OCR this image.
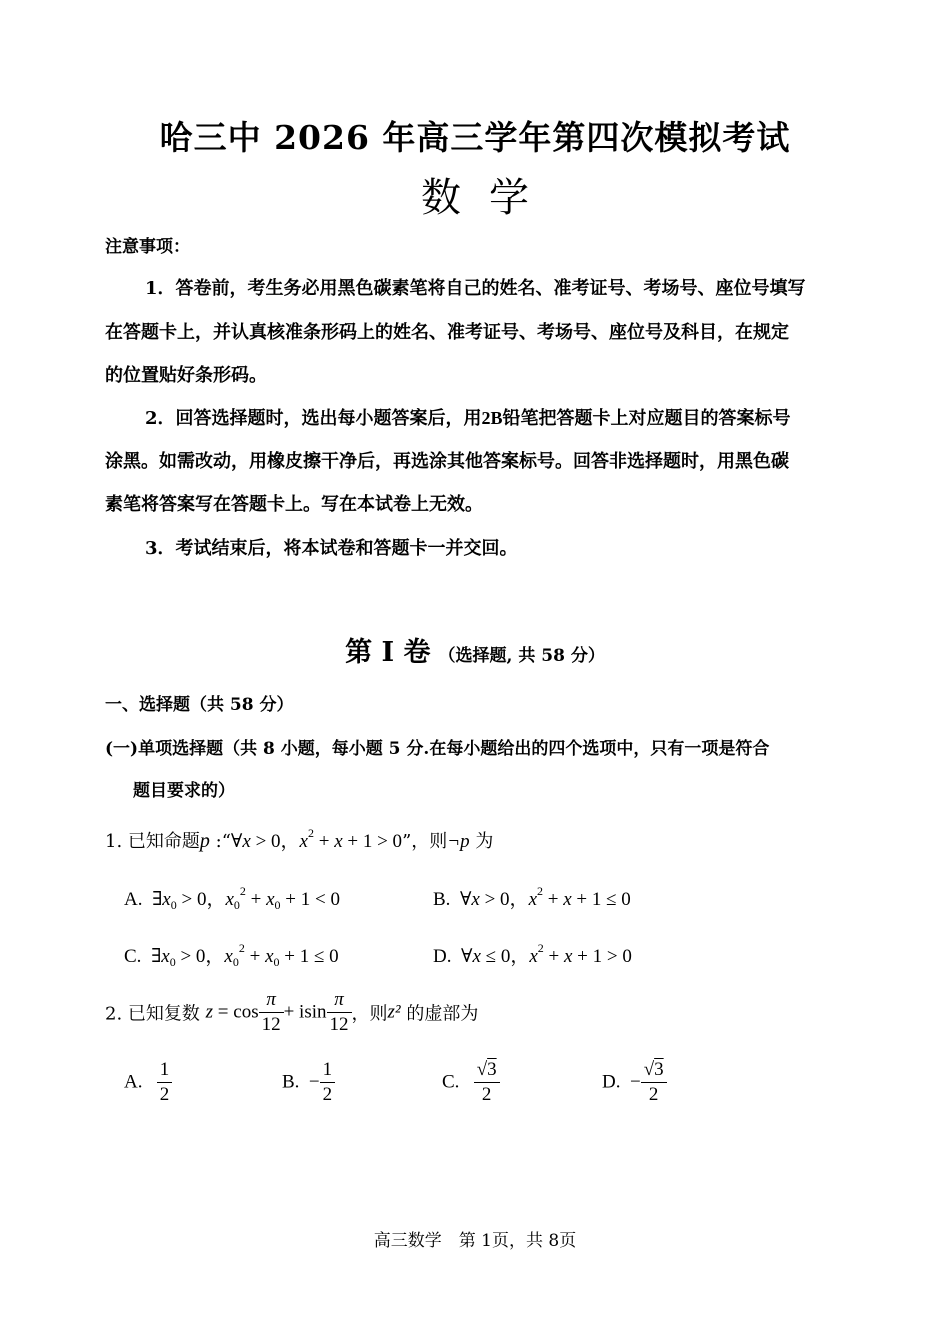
哈三中 2026 年高三学年第四次模拟考试
数学
注意事项：
1．答卷前，考生务必用黑色碳素笔将自己的姓名、准考证号、考场号、座位号填写
在答题卡上，并认真核准条形码上的姓名、准考证号、考场号、座位号及科目，在规定
的位置贴好条形码。
2．回答选择题时，选出每小题答案后，用2B铅笔把答题卡上对应题目的答案标号
涂黑。如需改动，用橡皮擦干净后，再选涂其他答案标号。回答非选择题时，用黑色碳
素笔将答案写在答题卡上。写在本试卷上无效。
3．考试结束后，将本试卷和答题卡一并交回。
第 I 卷 （选择题, 共 58 分）
一、选择题（共 58 分）
(一)单项选择题（共 8 小题，每小题 5 分.在每小题给出的四个选项中，只有一项是符合
题目要求的）
1. 已知命题p :“∀x > 0，$x^2 + x + 1 > 0$”，则¬p 为
A.  $\exists x_0 > 0$，$x_0^2 + x_0 + 1 < 0$	B.  ∀x > 0，$x^2 + x + 1 \le 0$
C.  $\exists x_0 > 0$，$x_0^2 + x_0 + 1 \le 0$	D.  ∀x ≤ 0，$x^2 + x + 1 > 0$
2. 已知复数 $z = \cos \frac{\pi}{12} + isin \frac{\pi}{12}$ ，则z² 的虚部为
A. $\frac{1}{2}$	B.  − $\frac{1}{2}$	C. $\frac{√3}{2}$	D.  − $\frac{√3}{2}$
高三数学　第 1页，共 8页
